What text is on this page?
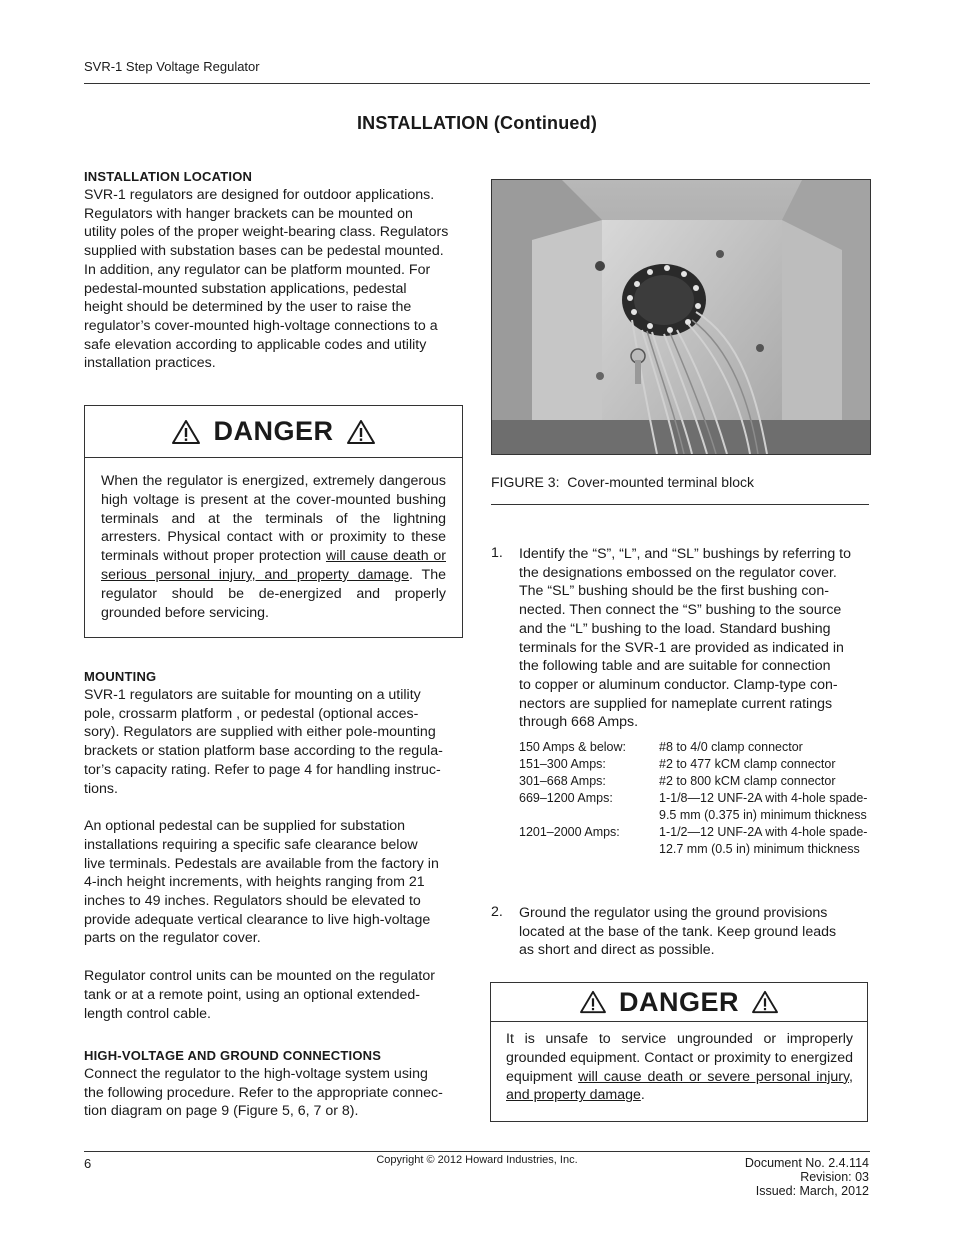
SVR-1 Step Voltage Regulator
INSTALLATION (Continued)
INSTALLATION LOCATION
SVR-1 regulators are designed for outdoor applications.
Regulators with hanger brackets can be mounted on
utility poles of the proper weight-bearing class. Regulators
supplied with substation bases can be pedestal mounted.
In addition, any regulator can be platform mounted. For
pedestal-mounted substation applications, pedestal
height should be determined by the user to raise the
regulator’s cover-mounted high-voltage connections to a
safe elevation according to applicable codes and utility
installation practices.
DANGER
When the regulator is energized, extremely dangerous high voltage is present at the cover-mounted bushing terminals and at the terminals of the lightning arresters. Physical contact with or proximity to these terminals without proper protection will cause death or serious personal injury, and property damage. The regulator should be de-energized and properly grounded before servicing.
MOUNTING
SVR-1 regulators are suitable for mounting on a utility
pole, crossarm platform , or pedestal (optional acces-
sory). Regulators are supplied with either pole-mounting
brackets or station platform base according to the regula-
tor’s capacity rating. Refer to page 4 for handling instruc-
tions.
An optional pedestal can be supplied for substation
installations requiring a specific safe clearance below
live terminals. Pedestals are available from the factory in
4-inch height increments, with heights ranging from 21
inches to 49 inches. Regulators should be elevated to
provide adequate vertical clearance to live high-voltage
parts on the regulator cover.
Regulator control units can be mounted on the regulator
tank or at a remote point, using an optional extended-
length control cable.
HIGH-VOLTAGE AND GROUND CONNECTIONS
Connect the regulator to the high-voltage system using
the following procedure. Refer to the appropriate connec-
tion diagram on page 9 (Figure 5, 6, 7 or 8).
FIGURE 3: Cover-mounted terminal block
1. Identify the “S”, “L”, and “SL” bushings by referring to
the designations embossed on the regulator cover.
The “SL” bushing should be the first bushing con-
nected. Then connect the “S” bushing to the source
and the “L” bushing to the load. Standard bushing
terminals for the SVR-1 are provided as indicated in
the following table and are suitable for connection
to copper or aluminum conductor. Clamp-type con-
nectors are supplied for nameplate current ratings
through 668 Amps.
150 Amps & below:	#8 to 4/0 clamp connector
151–300 Amps:	#2 to 477 kCM clamp connector
301–668 Amps:	#2 to 800 kCM clamp connector
669–1200 Amps:	1-1/8—12 UNF-2A with 4-hole spade-9.5 mm (0.375 in) minimum thickness
1201–2000 Amps:	1-1/2—12 UNF-2A with 4-hole spade-12.7 mm (0.5 in) minimum thickness
2. Ground the regulator using the ground provisions
located at the base of the tank. Keep ground leads
as short and direct as possible.
DANGER
It is unsafe to service ungrounded or improperly grounded equipment. Contact or proximity to energized equipment will cause death or severe personal injury, and property damage.
6	Copyright © 2012 Howard Industries, Inc.	Document No. 2.4.114
Revision: 03
Issued: March, 2012
